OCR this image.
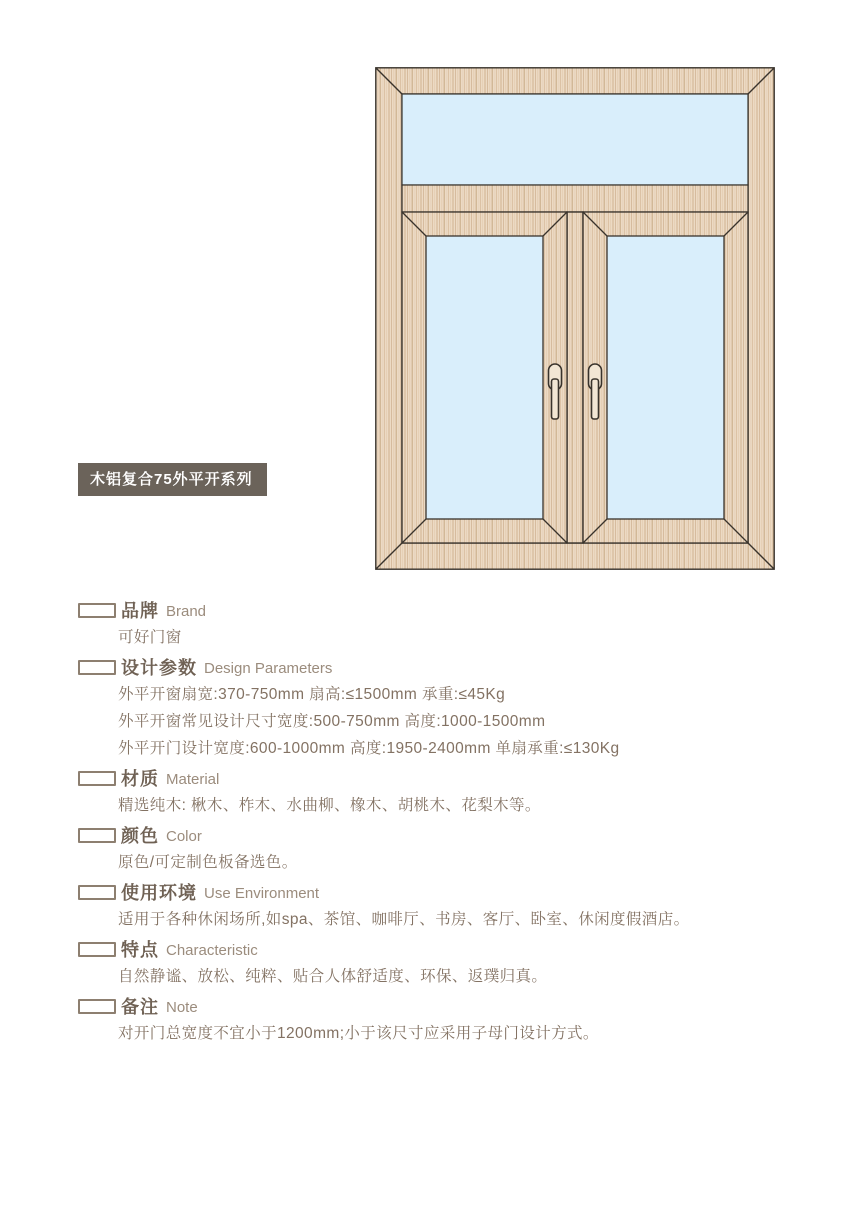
木铝复合75外平开系列
品牌 Brand
可好门窗
设计参数 Design Parameters
外平开窗扇宽:370-750mm 扇高:≤1500mm 承重:≤45Kg
外平开窗常见设计尺寸宽度:500-750mm 高度:1000-1500mm
外平开门设计宽度:600-1000mm 高度:1950-2400mm 单扇承重:≤130Kg
材质 Material
精选纯木: 楸木、柞木、水曲柳、橡木、胡桃木、花梨木等。
颜色 Color
原色/可定制色板备选色。
使用环境 Use Environment
适用于各种休闲场所,如spa、茶馆、咖啡厅、书房、客厅、卧室、休闲度假酒店。
特点 Characteristic
自然静谧、放松、纯粹、贴合人体舒适度、环保、返璞归真。
备注 Note
对开门总宽度不宜小于1200mm;小于该尺寸应采用子母门设计方式。
